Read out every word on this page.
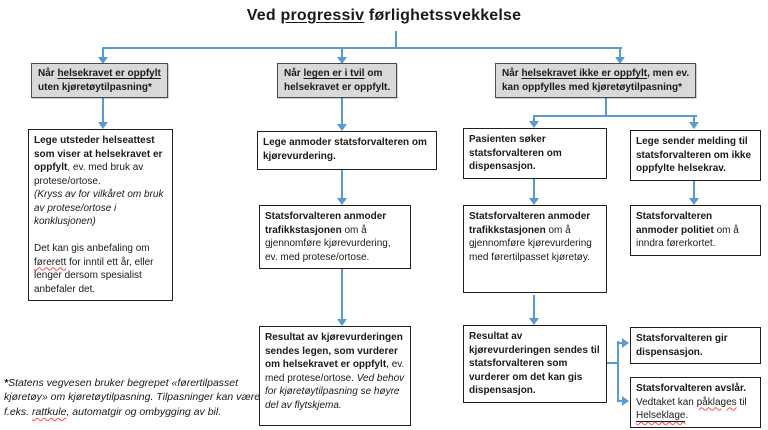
Ved progressiv førlighetssvekkelse
Når helsekravet er oppfylt
uten kjøretøytilpasning*
Når legen er i tvil om
helsekravet er oppfylt.
Når helsekravet ikke er oppfylt, men ev.
kan oppfylles med kjøretøytilpasning*
Lege utsteder helseattest som viser at helsekravet er oppfylt, ev. med bruk av protese/ortose.
(Kryss av for vilkåret om bruk av protese/ortose i konklusjonen)

Det kan gis anbefaling om førerett for inntil ett år, eller lenger dersom spesialist anbefaler det.
Lege anmoder statsforvalteren om kjørevurdering.
Statsforvalteren anmoder trafikkstasjonen om å gjennomføre kjørevurdering, ev. med protese/ortose.
Resultat av kjørevurderingen sendes legen, som vurderer om helsekravet er oppfylt, ev. med protese/ortose. Ved behov for kjøretøytilpasning se høyre del av flytskjema.
Pasienten søker statsforvalteren om dispensasjon.
Statsforvalteren anmoder trafikkstasjonen om å gjennomføre kjørevurdering med førertilpasset kjøretøy.
Resultat av kjørevurderingen sendes til statsforvalteren som vurderer om det kan gis dispensasjon.
Lege sender melding til statsforvalteren om ikke oppfylte helsekrav.
Statsforvalteren anmoder politiet om å inndra førerkortet.
Statsforvalteren gir dispensasjon.
Statsforvalteren avslår.
Vedtaket kan påklages til Helseklage.
*Statens vegvesen bruker begrepet «førertilpasset kjøretøy» om kjøretøytilpasning. Tilpasninger kan være f.eks. rattkule, automatgir og ombygging av bil.
